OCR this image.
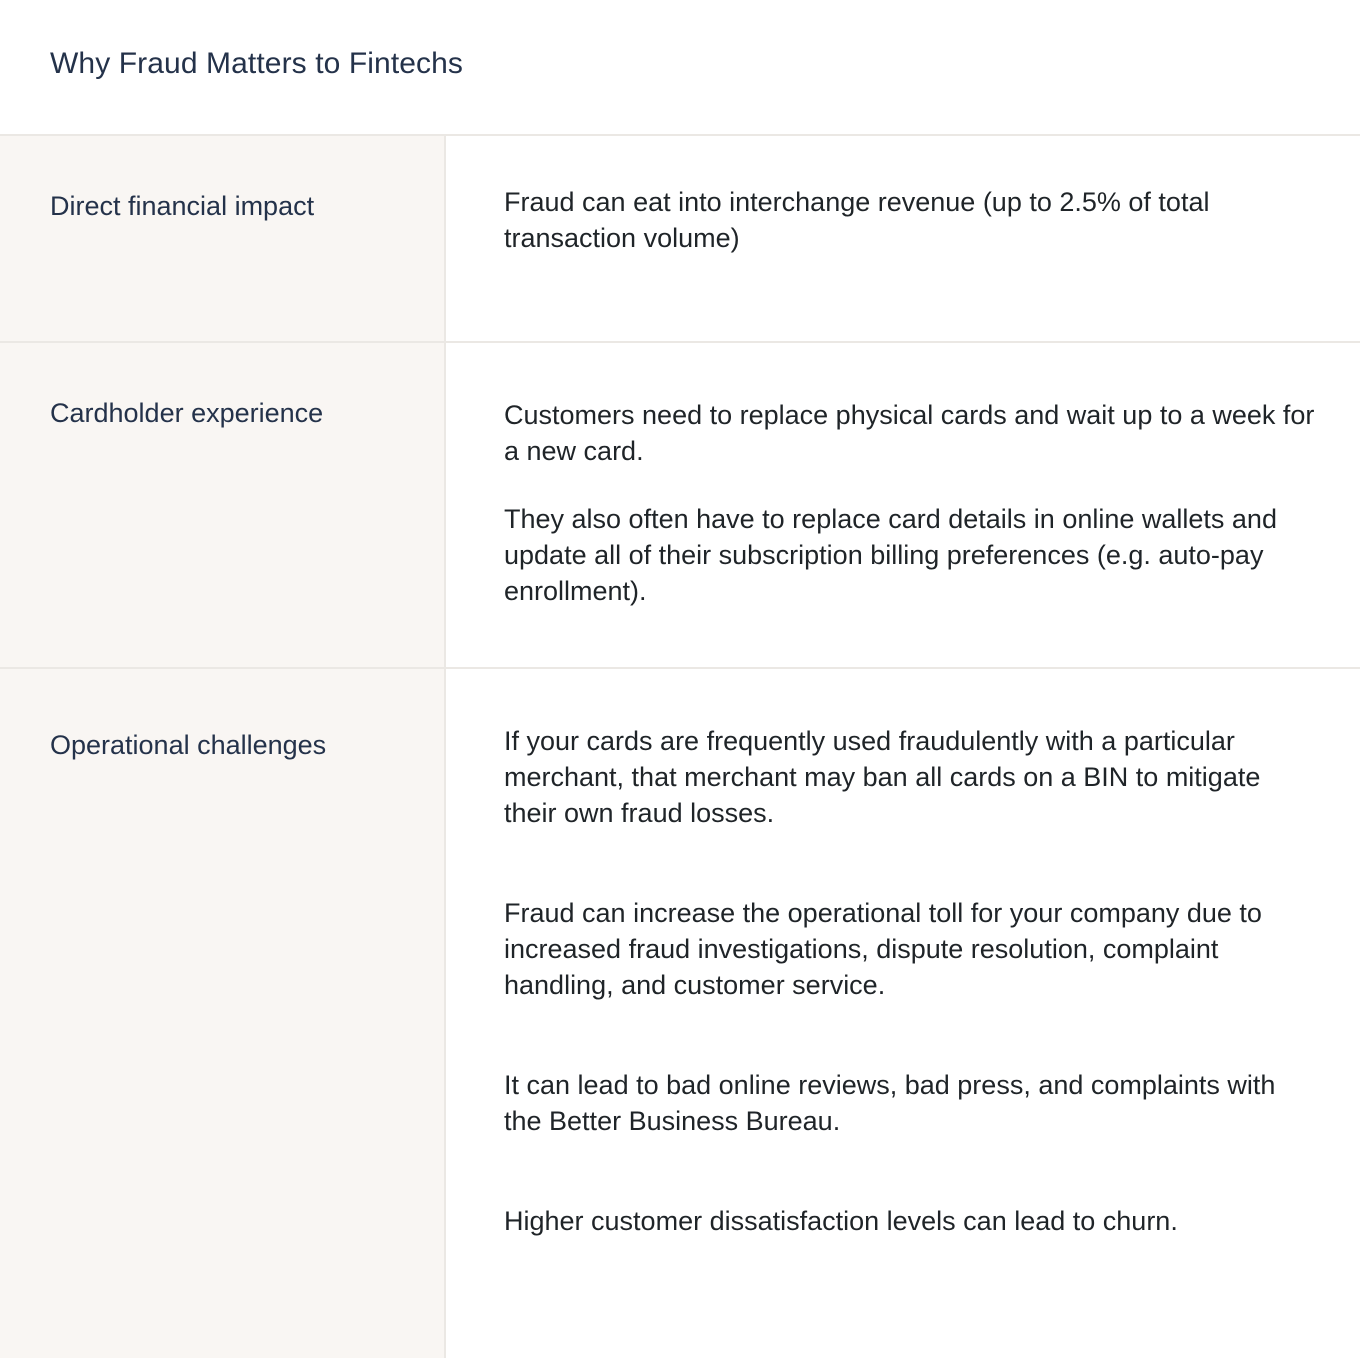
Why Fraud Matters to Fintechs
Direct financial impact	Fraud can eat into interchange revenue (up to 2.5% of total transaction volume)

Cardholder experience	Customers need to replace physical cards and wait up to a week for a new card.

They also often have to replace card details in online wallets and update all of their subscription billing preferences (e.g. auto-pay enrollment).

Operational challenges	If your cards are frequently used fraudulently with a particular merchant, that merchant may ban all cards on a BIN to mitigate their own fraud losses.

Fraud can increase the operational toll for your company due to increased fraud investigations, dispute resolution, complaint handling, and customer service.

It can lead to bad online reviews, bad press, and complaints with the Better Business Bureau.

Higher customer dissatisfaction levels can lead to churn.
